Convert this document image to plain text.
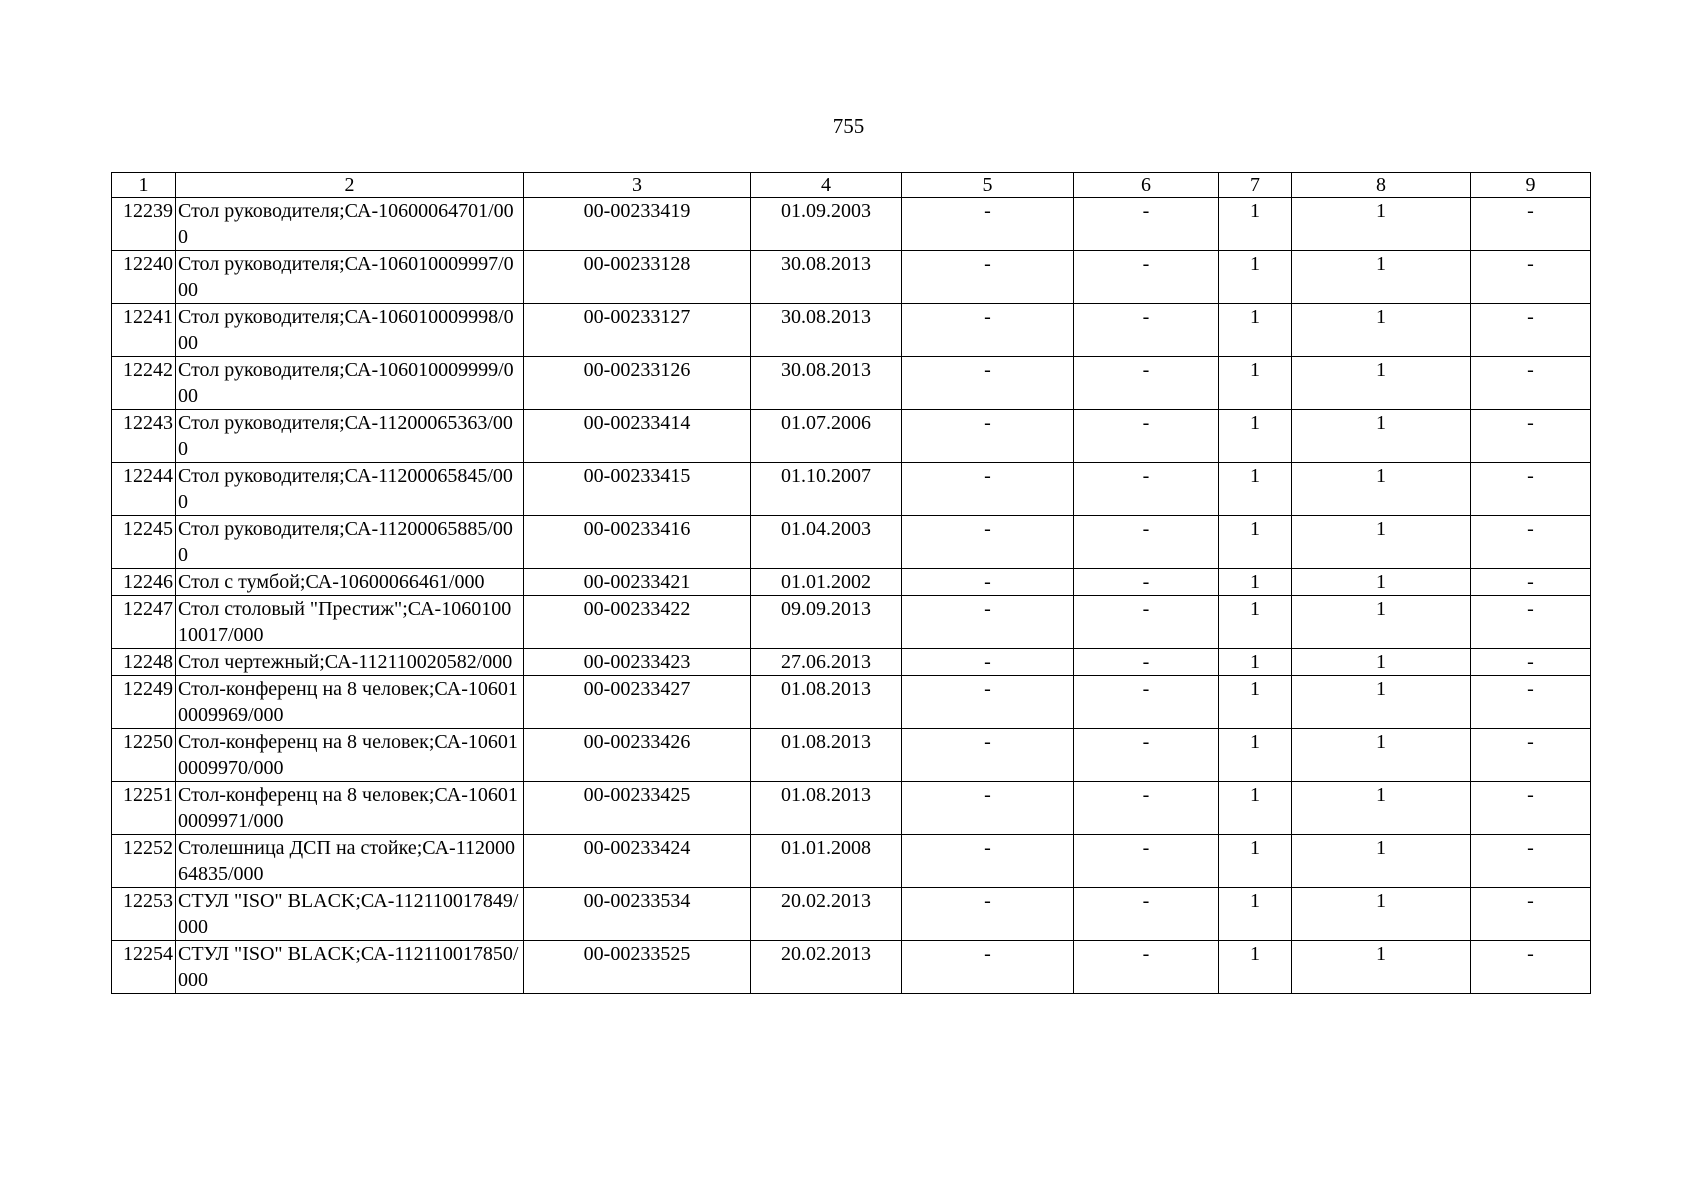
755
1	2	3	4	5	6	7	8	9
12239	Стол руководителя;СА-10600064701/000	00-00233419	01.09.2003	-	-	1	1	-
12240	Стол руководителя;СА-106010009997/000	00-00233128	30.08.2013	-	-	1	1	-
12241	Стол руководителя;СА-106010009998/000	00-00233127	30.08.2013	-	-	1	1	-
12242	Стол руководителя;СА-106010009999/000	00-00233126	30.08.2013	-	-	1	1	-
12243	Стол руководителя;СА-11200065363/000	00-00233414	01.07.2006	-	-	1	1	-
12244	Стол руководителя;СА-11200065845/000	00-00233415	01.10.2007	-	-	1	1	-
12245	Стол руководителя;СА-11200065885/000	00-00233416	01.04.2003	-	-	1	1	-
12246	Стол с тумбой;СА-10600066461/000	00-00233421	01.01.2002	-	-	1	1	-
12247	Стол столовый "Престиж";СА-106010010017/000	00-00233422	09.09.2013	-	-	1	1	-
12248	Стол чертежный;СА-112110020582/000	00-00233423	27.06.2013	-	-	1	1	-
12249	Стол-конференц на 8 человек;СА-106010009969/000	00-00233427	01.08.2013	-	-	1	1	-
12250	Стол-конференц на 8 человек;СА-106010009970/000	00-00233426	01.08.2013	-	-	1	1	-
12251	Стол-конференц на 8 человек;СА-106010009971/000	00-00233425	01.08.2013	-	-	1	1	-
12252	Столешница ДСП на стойке;СА-11200064835/000	00-00233424	01.01.2008	-	-	1	1	-
12253	СТУЛ "ISO" BLACK;СА-112110017849/000	00-00233534	20.02.2013	-	-	1	1	-
12254	СТУЛ "ISO" BLACK;СА-112110017850/000	00-00233525	20.02.2013	-	-	1	1	-
